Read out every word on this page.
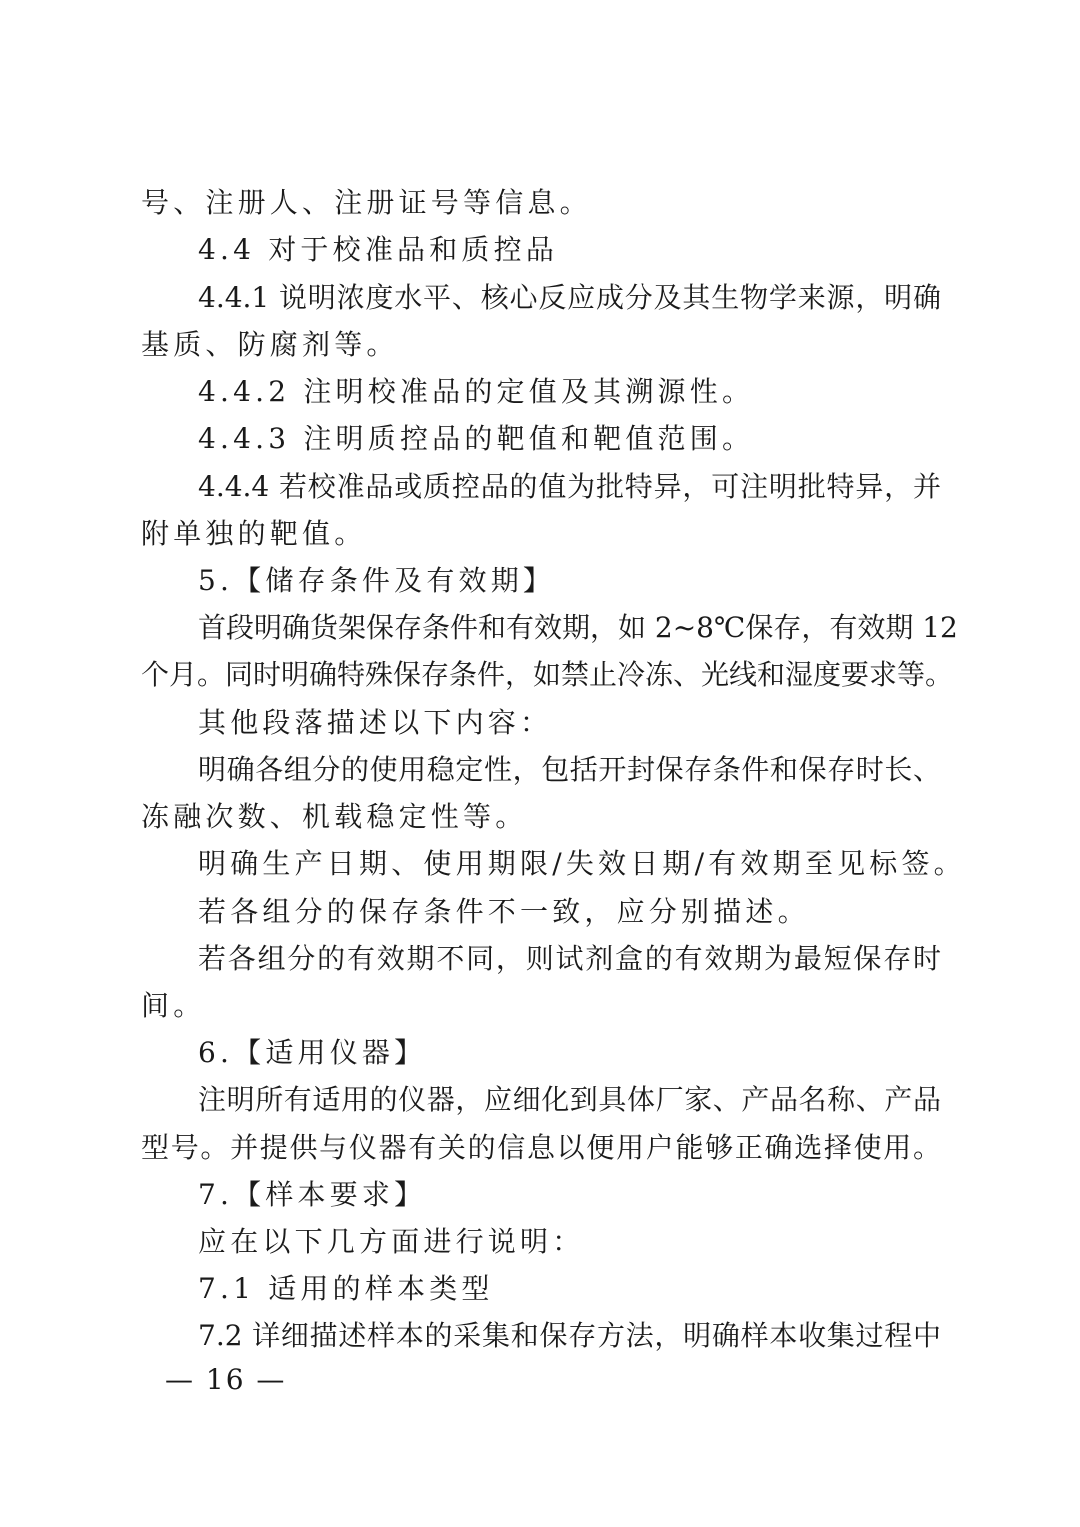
号、注册人、注册证号等信息。
4.4 对于校准品和质控品
4.4.1 说明浓度水平、核心反应成分及其生物学来源，明确
基质、防腐剂等。
4.4.2 注明校准品的定值及其溯源性。
4.4.3 注明质控品的靶值和靶值范围。
4.4.4 若校准品或质控品的值为批特异，可注明批特异，并
附单独的靶值。
5.【储存条件及有效期】
首段明确货架保存条件和有效期，如 2~8℃保存，有效期 12
个月。同时明确特殊保存条件，如禁止冷冻、光线和湿度要求等。
其他段落描述以下内容：
明确各组分的使用稳定性，包括开封保存条件和保存时长、
冻融次数、机载稳定性等。
明确生产日期、使用期限/失效日期/有效期至见标签。
若各组分的保存条件不一致，应分别描述。
若各组分的有效期不同，则试剂盒的有效期为最短保存时
间。
6.【适用仪器】
注明所有适用的仪器，应细化到具体厂家、产品名称、产品
型号。并提供与仪器有关的信息以便用户能够正确选择使用。
7.【样本要求】
应在以下几方面进行说明：
7.1 适用的样本类型
7.2 详细描述样本的采集和保存方法，明确样本收集过程中
— 16 —
